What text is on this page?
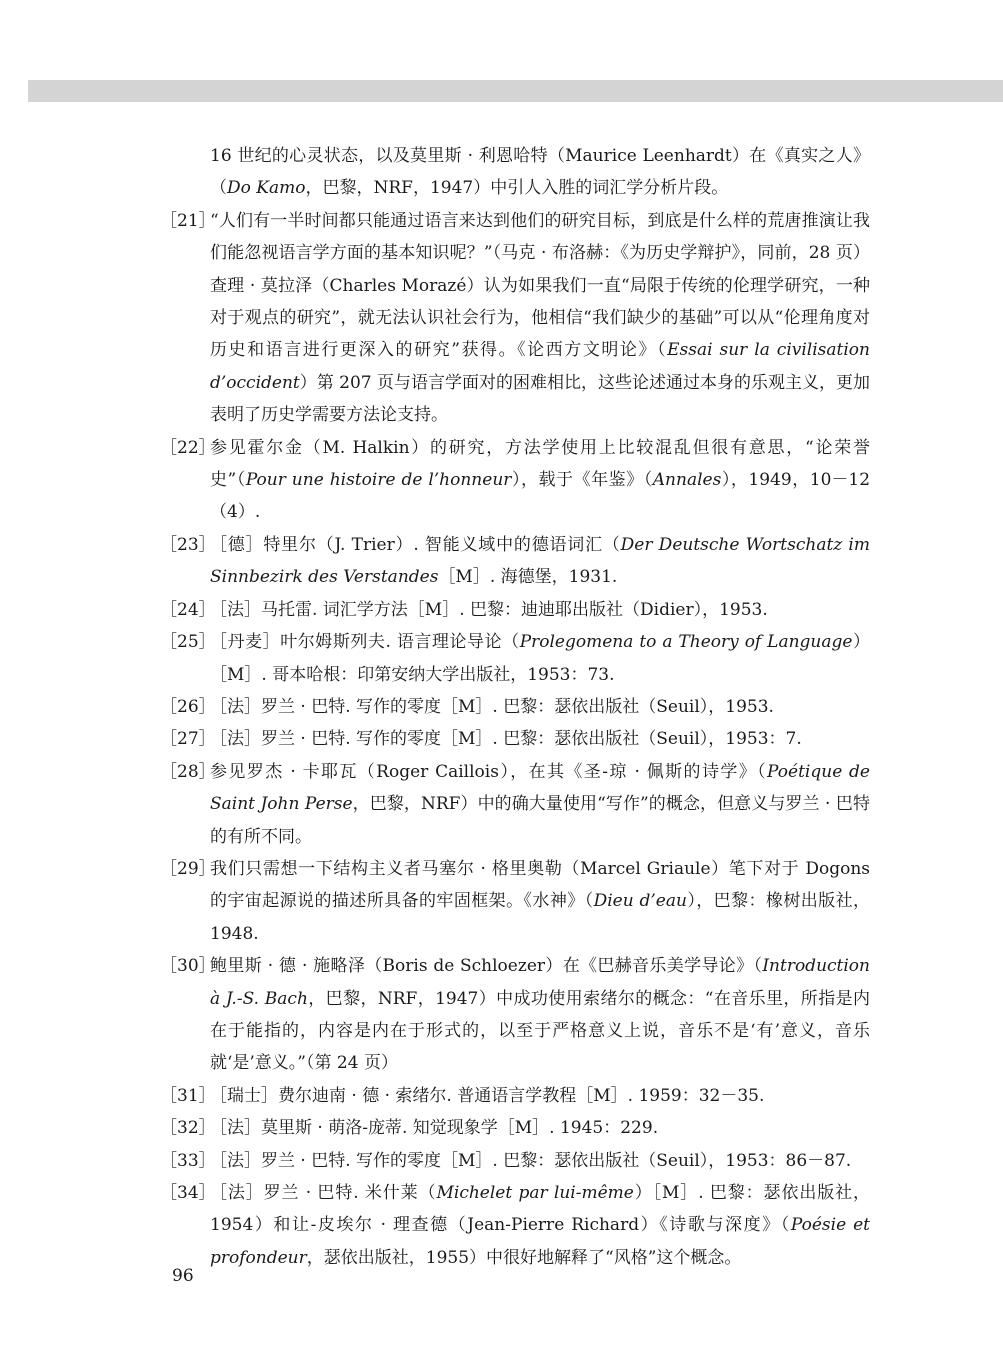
16 世纪的心灵状态，以及莫里斯 · 利恩哈特（Maurice Leenhardt）在《真实之人》（Do Kamo，巴黎，NRF，1947）中引人入胜的词汇学分析片段。
［21］
“人们有一半时间都只能通过语言来达到他们的研究目标，到底是什么样的荒唐推演让我们能忽视语言学方面的基本知识呢？”（马克 · 布洛赫：《为历史学辩护》，同前，28 页）查理 · 莫拉泽（Charles Morazé）认为如果我们一直“局限于传统的伦理学研究，一种对于观点的研究”，就无法认识社会行为，他相信“我们缺少的基础”可以从“伦理角度对历史和语言进行更深入的研究”获得。《论西方文明论》（Essai sur la civilisation d’occident）第 207 页与语言学面对的困难相比，这些论述通过本身的乐观主义，更加表明了历史学需要方法论支持。
［22］
参见霍尔金（M. Halkin）的研究，方法学使用上比较混乱但很有意思，“论荣誉史”（Pour une histoire de l’honneur），载于《年鉴》（Annales），1949，10－12（4）.
［23］
［德］特里尔（J. Trier）. 智能义域中的德语词汇（Der Deutsche Wortschatz im Sinnbezirk des Verstandes［M］. 海德堡，1931.
［24］
［法］马托雷. 词汇学方法［M］. 巴黎：迪迪耶出版社（Didier），1953.
［25］
［丹麦］叶尔姆斯列夫. 语言理论导论（Prolegomena to a Theory of Language）［M］. 哥本哈根：印第安纳大学出版社，1953：73.
［26］
［法］罗兰 · 巴特. 写作的零度［M］. 巴黎：瑟依出版社（Seuil），1953.
［27］
［法］罗兰 · 巴特. 写作的零度［M］. 巴黎：瑟依出版社（Seuil），1953：7.
［28］
参见罗杰 · 卡耶瓦（Roger Caillois），在其《圣-琼 · 佩斯的诗学》（Poétique de Saint John Perse，巴黎，NRF）中的确大量使用“写作”的概念，但意义与罗兰 · 巴特的有所不同。
［29］
我们只需想一下结构主义者马塞尔 · 格里奥勒（Marcel Griaule）笔下对于 Dogons 的宇宙起源说的描述所具备的牢固框架。《水神》（Dieu d’eau），巴黎：橡树出版社，1948.
［30］
鲍里斯 · 德 · 施略泽（Boris de Schloezer）在《巴赫音乐美学导论》（Introduction à J.-S. Bach，巴黎，NRF，1947）中成功使用索绪尔的概念：“在音乐里，所指是内在于能指的，内容是内在于形式的，以至于严格意义上说，音乐不是‘有’意义，音乐就‘是’意义。”（第 24 页）
［31］
［瑞士］费尔迪南 · 德 · 索绪尔. 普通语言学教程［M］. 1959：32－35.
［32］
［法］莫里斯 · 萌洛-庞蒂. 知觉现象学［M］. 1945：229.
［33］
［法］罗兰 · 巴特. 写作的零度［M］. 巴黎：瑟依出版社（Seuil），1953：86－87.
［34］
［法］罗兰 · 巴特. 米什莱（Michelet par lui-même）［M］. 巴黎：瑟依出版社，1954）和让-皮埃尔 · 理查德（Jean-Pierre Richard）《诗歌与深度》（Poésie et profondeur，瑟依出版社，1955）中很好地解释了“风格”这个概念。
96
